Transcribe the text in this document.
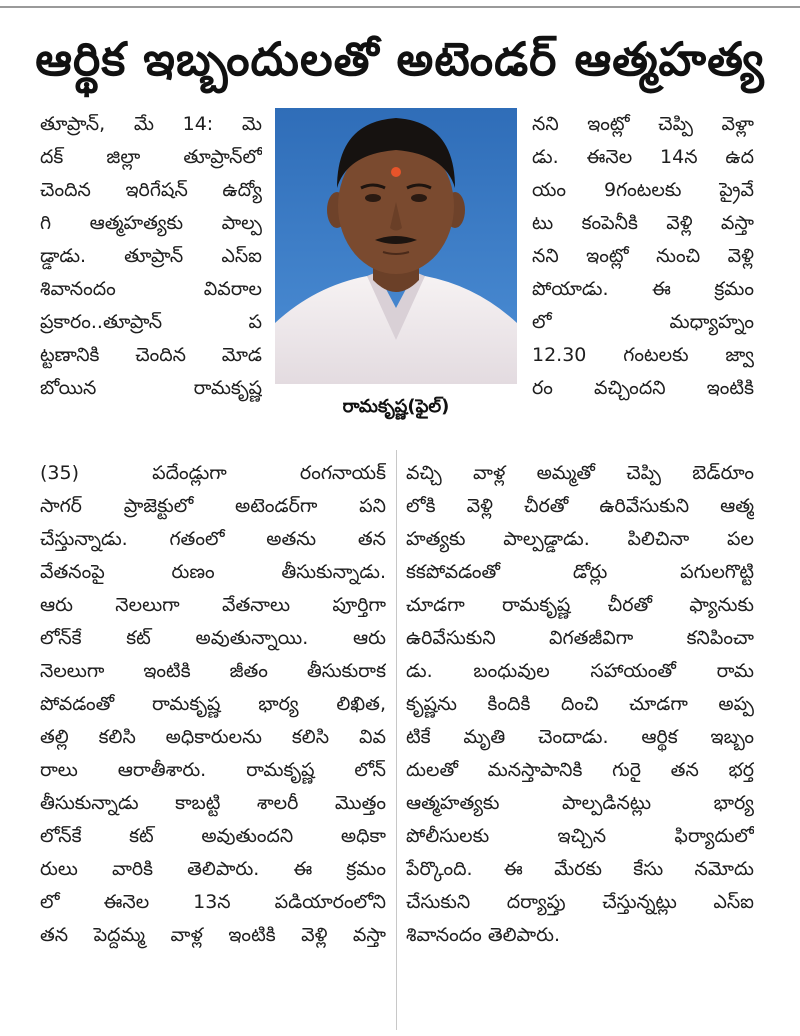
ఆర్థిక ఇబ్బందులతో అటెండర్ ఆత్మహత్య
తూప్రాన్, మే 14: మె
దక్ జిల్లా తూప్రాన్‌లో
చెందిన ఇరిగేషన్ ఉద్యో
గి ఆత్మహత్యకు పాల్ప
డ్డాడు. తూప్రాన్ ఎస్ఐ
శివానందం వివరాల
ప్రకారం..తూప్రాన్ ప
ట్టణానికి చెందిన మోడ
బోయిన రామకృష్ణ
రామకృష్ణ(ఫైల్)
నని ఇంట్లో చెప్పి వెళ్లా
డు. ఈనెల 14న ఉద
యం 9గంటలకు ప్రైవే
టు కంపెనీకి వెళ్లి వస్తా
నని ఇంట్లో నుంచి వెళ్లి
పోయాడు. ఈ క్రమం
లో మధ్యాహ్నం
12.30 గంటలకు జ్వా
రం వచ్చిందని ఇంటికి
(35) పదేండ్లుగా రంగనాయక్
సాగర్ ప్రాజెక్టులో అటెండర్‌గా పని
చేస్తున్నాడు. గతంలో అతను తన
వేతనంపై రుణం తీసుకున్నాడు.
ఆరు నెలలుగా వేతనాలు పూర్తిగా
లోన్‌కే కట్ అవుతున్నాయి. ఆరు
నెలలుగా ఇంటికి జీతం తీసుకురాక
పోవడంతో రామకృష్ణ భార్య లిఖిత,
తల్లి కలిసి అధికారులను కలిసి వివ
రాలు ఆరాతీశారు. రామకృష్ణ లోన్
తీసుకున్నాడు కాబట్టి శాలరీ మొత్తం
లోన్‌కే కట్ అవుతుందని అధికా
రులు వారికి తెలిపారు. ఈ క్రమం
లో ఈనెల 13న పడియారంలోని
తన పెద్దమ్మ వాళ్ల ఇంటికి వెళ్లి వస్తా
వచ్చి వాళ్ల అమ్మతో చెప్పి బెడ్‌రూం
లోకి వెళ్లి చీరతో ఉరివేసుకుని ఆత్మ
హత్యకు పాల్పడ్డాడు. పిలిచినా పల
కకపోవడంతో డోర్లు పగులగొట్టి
చూడగా రామకృష్ణ చీరతో ఫ్యానుకు
ఉరివేసుకుని విగతజీవిగా కనిపించా
డు. బంధువుల సహాయంతో రామ
కృష్ణను కిందికి దించి చూడగా అప్ప
టికే మృతి చెందాడు. ఆర్థిక ఇబ్బం
దులతో మనస్తాపానికి గురై తన భర్త
ఆత్మహత్యకు పాల్పడినట్లు భార్య
పోలీసులకు ఇచ్చిన ఫిర్యాదులో
పేర్కొంది. ఈ మేరకు కేసు నమోదు
చేసుకుని దర్యాప్తు చేస్తున్నట్లు ఎస్ఐ
శివానందం తెలిపారు.
